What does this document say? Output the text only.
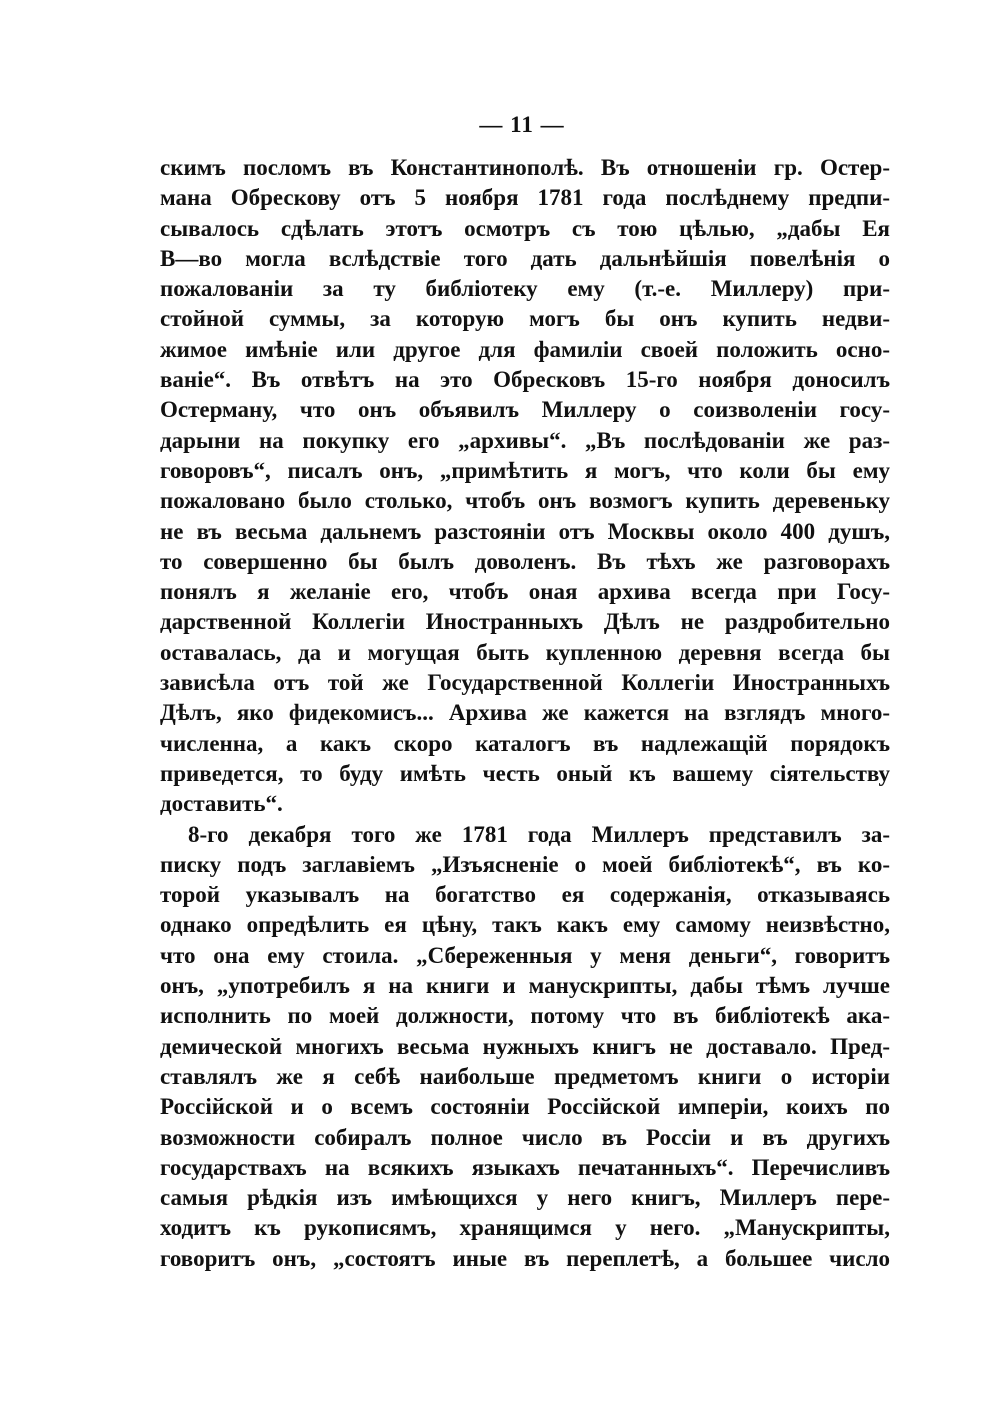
— 11 —
скимъ посломъ въ Константинополѣ. Въ отношеніи гр. Остер-
мана Обрескову отъ 5 ноября 1781 года послѣднему предпи-
сывалось сдѣлать этотъ осмотръ съ тою цѣлью, „дабы Ея
В—во могла вслѣдствіе того дать дальнѣйшія повелѣнія о
пожалованіи за ту библіотеку ему (т.-е. Миллеру) при-
стойной суммы, за которую могъ бы онъ купить недви-
жимое имѣніе или другое для фамиліи своей положить осно-
ваніе“. Въ отвѣтъ на это Обресковъ 15-го ноября доносилъ
Остерману, что онъ объявилъ Миллеру о соизволеніи госу-
дарыни на покупку его „архивы“. „Въ послѣдованіи же раз-
говоровъ“, писалъ онъ, „примѣтить я могъ, что коли бы ему
пожаловано было столько, чтобъ онъ возмогъ купить деревеньку
не въ весьма дальнемъ разстояніи отъ Москвы около 400 душъ,
то совершенно бы былъ доволенъ. Въ тѣхъ же разговорахъ
понялъ я желаніе его, чтобъ оная архива всегда при Госу-
дарственной Коллегіи Иностранныхъ Дѣлъ не раздробительно
оставалась, да и могущая быть купленною деревня всегда бы
зависѣла отъ той же Государственной Коллегіи Иностранныхъ
Дѣлъ, яко фидекомисъ... Архива же кажется на взглядъ много-
численна, а какъ скоро каталогъ въ надлежащій порядокъ
приведется, то буду имѣть честь оный къ вашему сіятельству
доставить“.
8-го декабря того же 1781 года Миллеръ представилъ за-
писку подъ заглавіемъ „Изъясненіе о моей библіотекѣ“, въ ко-
торой указывалъ на богатство ея содержанія, отказываясь
однако опредѣлить ея цѣну, такъ какъ ему самому неизвѣстно,
что она ему стоила. „Сбереженныя у меня деньги“, говоритъ
онъ, „употребилъ я на книги и манускрипты, дабы тѣмъ лучше
исполнить по моей должности, потому что въ библіотекѣ ака-
демической многихъ весьма нужныхъ книгъ не доставало. Пред-
ставлялъ же я себѣ наибольше предметомъ книги о исторіи
Россійской и о всемъ состояніи Россійской имперіи, коихъ по
возможности собиралъ полное число въ Россіи и въ другихъ
государствахъ на всякихъ языкахъ печатанныхъ“. Перечисливъ
самыя рѣдкія изъ имѣющихся у него книгъ, Миллеръ пере-
ходитъ къ рукописямъ, хранящимся у него. „Манускрипты,
говоритъ онъ, „состоятъ иные въ переплетѣ, а большее число
